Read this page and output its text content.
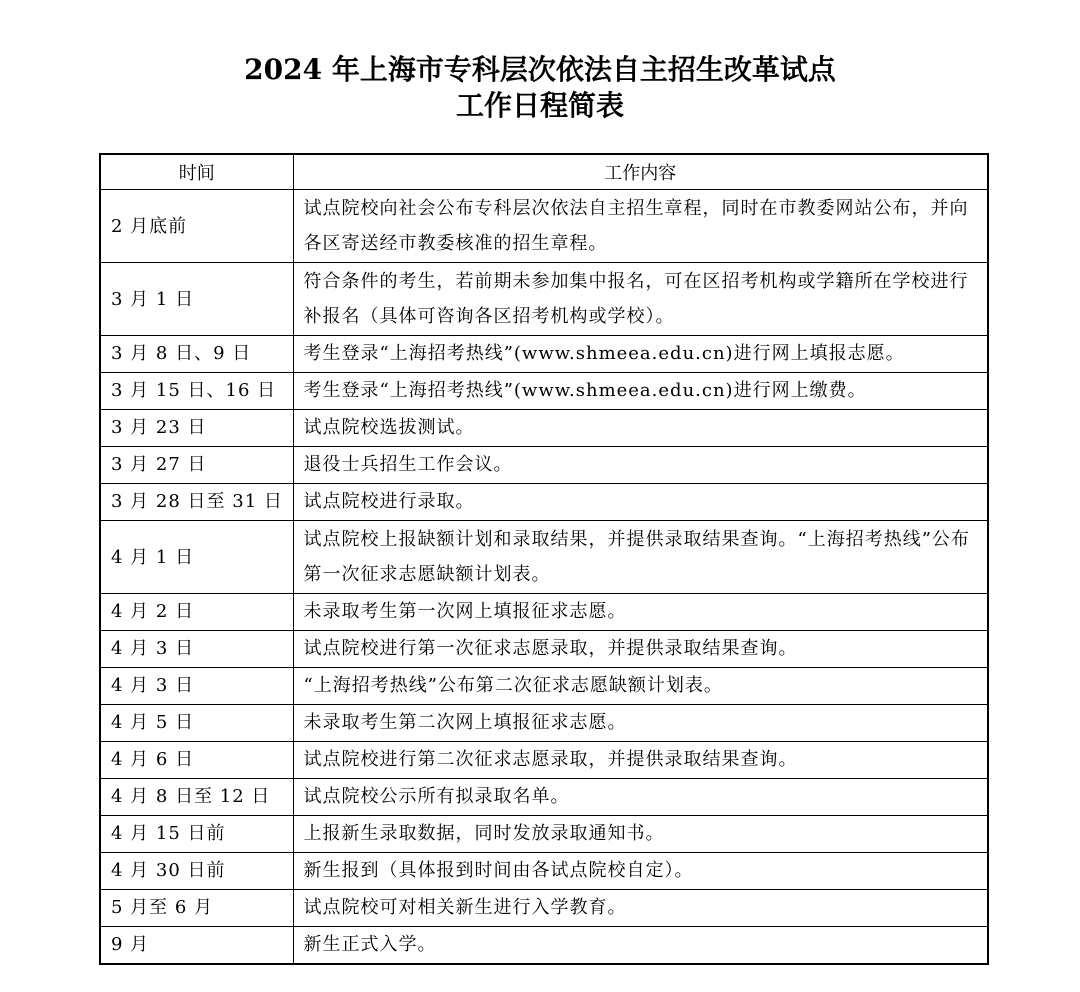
2024 年上海市专科层次依法自主招生改革试点
工作日程简表
时间	工作内容
2 月底前	试点院校向社会公布专科层次依法自主招生章程，同时在市教委网站公布，并向各区寄送经市教委核准的招生章程。
3 月 1 日	符合条件的考生，若前期未参加集中报名，可在区招考机构或学籍所在学校进行补报名（具体可咨询各区招考机构或学校）。
3 月 8 日、9 日	考生登录“上海招考热线”(www.shmeea.edu.cn)进行网上填报志愿。
3 月 15 日、16 日	考生登录“上海招考热线”(www.shmeea.edu.cn)进行网上缴费。
3 月 23 日	试点院校选拔测试。
3 月 27 日	退役士兵招生工作会议。
3 月 28 日至 31 日	试点院校进行录取。
4 月 1 日	试点院校上报缺额计划和录取结果，并提供录取结果查询。“上海招考热线”公布第一次征求志愿缺额计划表。
4 月 2 日	未录取考生第一次网上填报征求志愿。
4 月 3 日	试点院校进行第一次征求志愿录取，并提供录取结果查询。
4 月 3 日	“上海招考热线”公布第二次征求志愿缺额计划表。
4 月 5 日	未录取考生第二次网上填报征求志愿。
4 月 6 日	试点院校进行第二次征求志愿录取，并提供录取结果查询。
4 月 8 日至 12 日	试点院校公示所有拟录取名单。
4 月 15 日前	上报新生录取数据，同时发放录取通知书。
4 月 30 日前	新生报到（具体报到时间由各试点院校自定）。
5 月至 6 月	试点院校可对相关新生进行入学教育。
9 月	新生正式入学。
